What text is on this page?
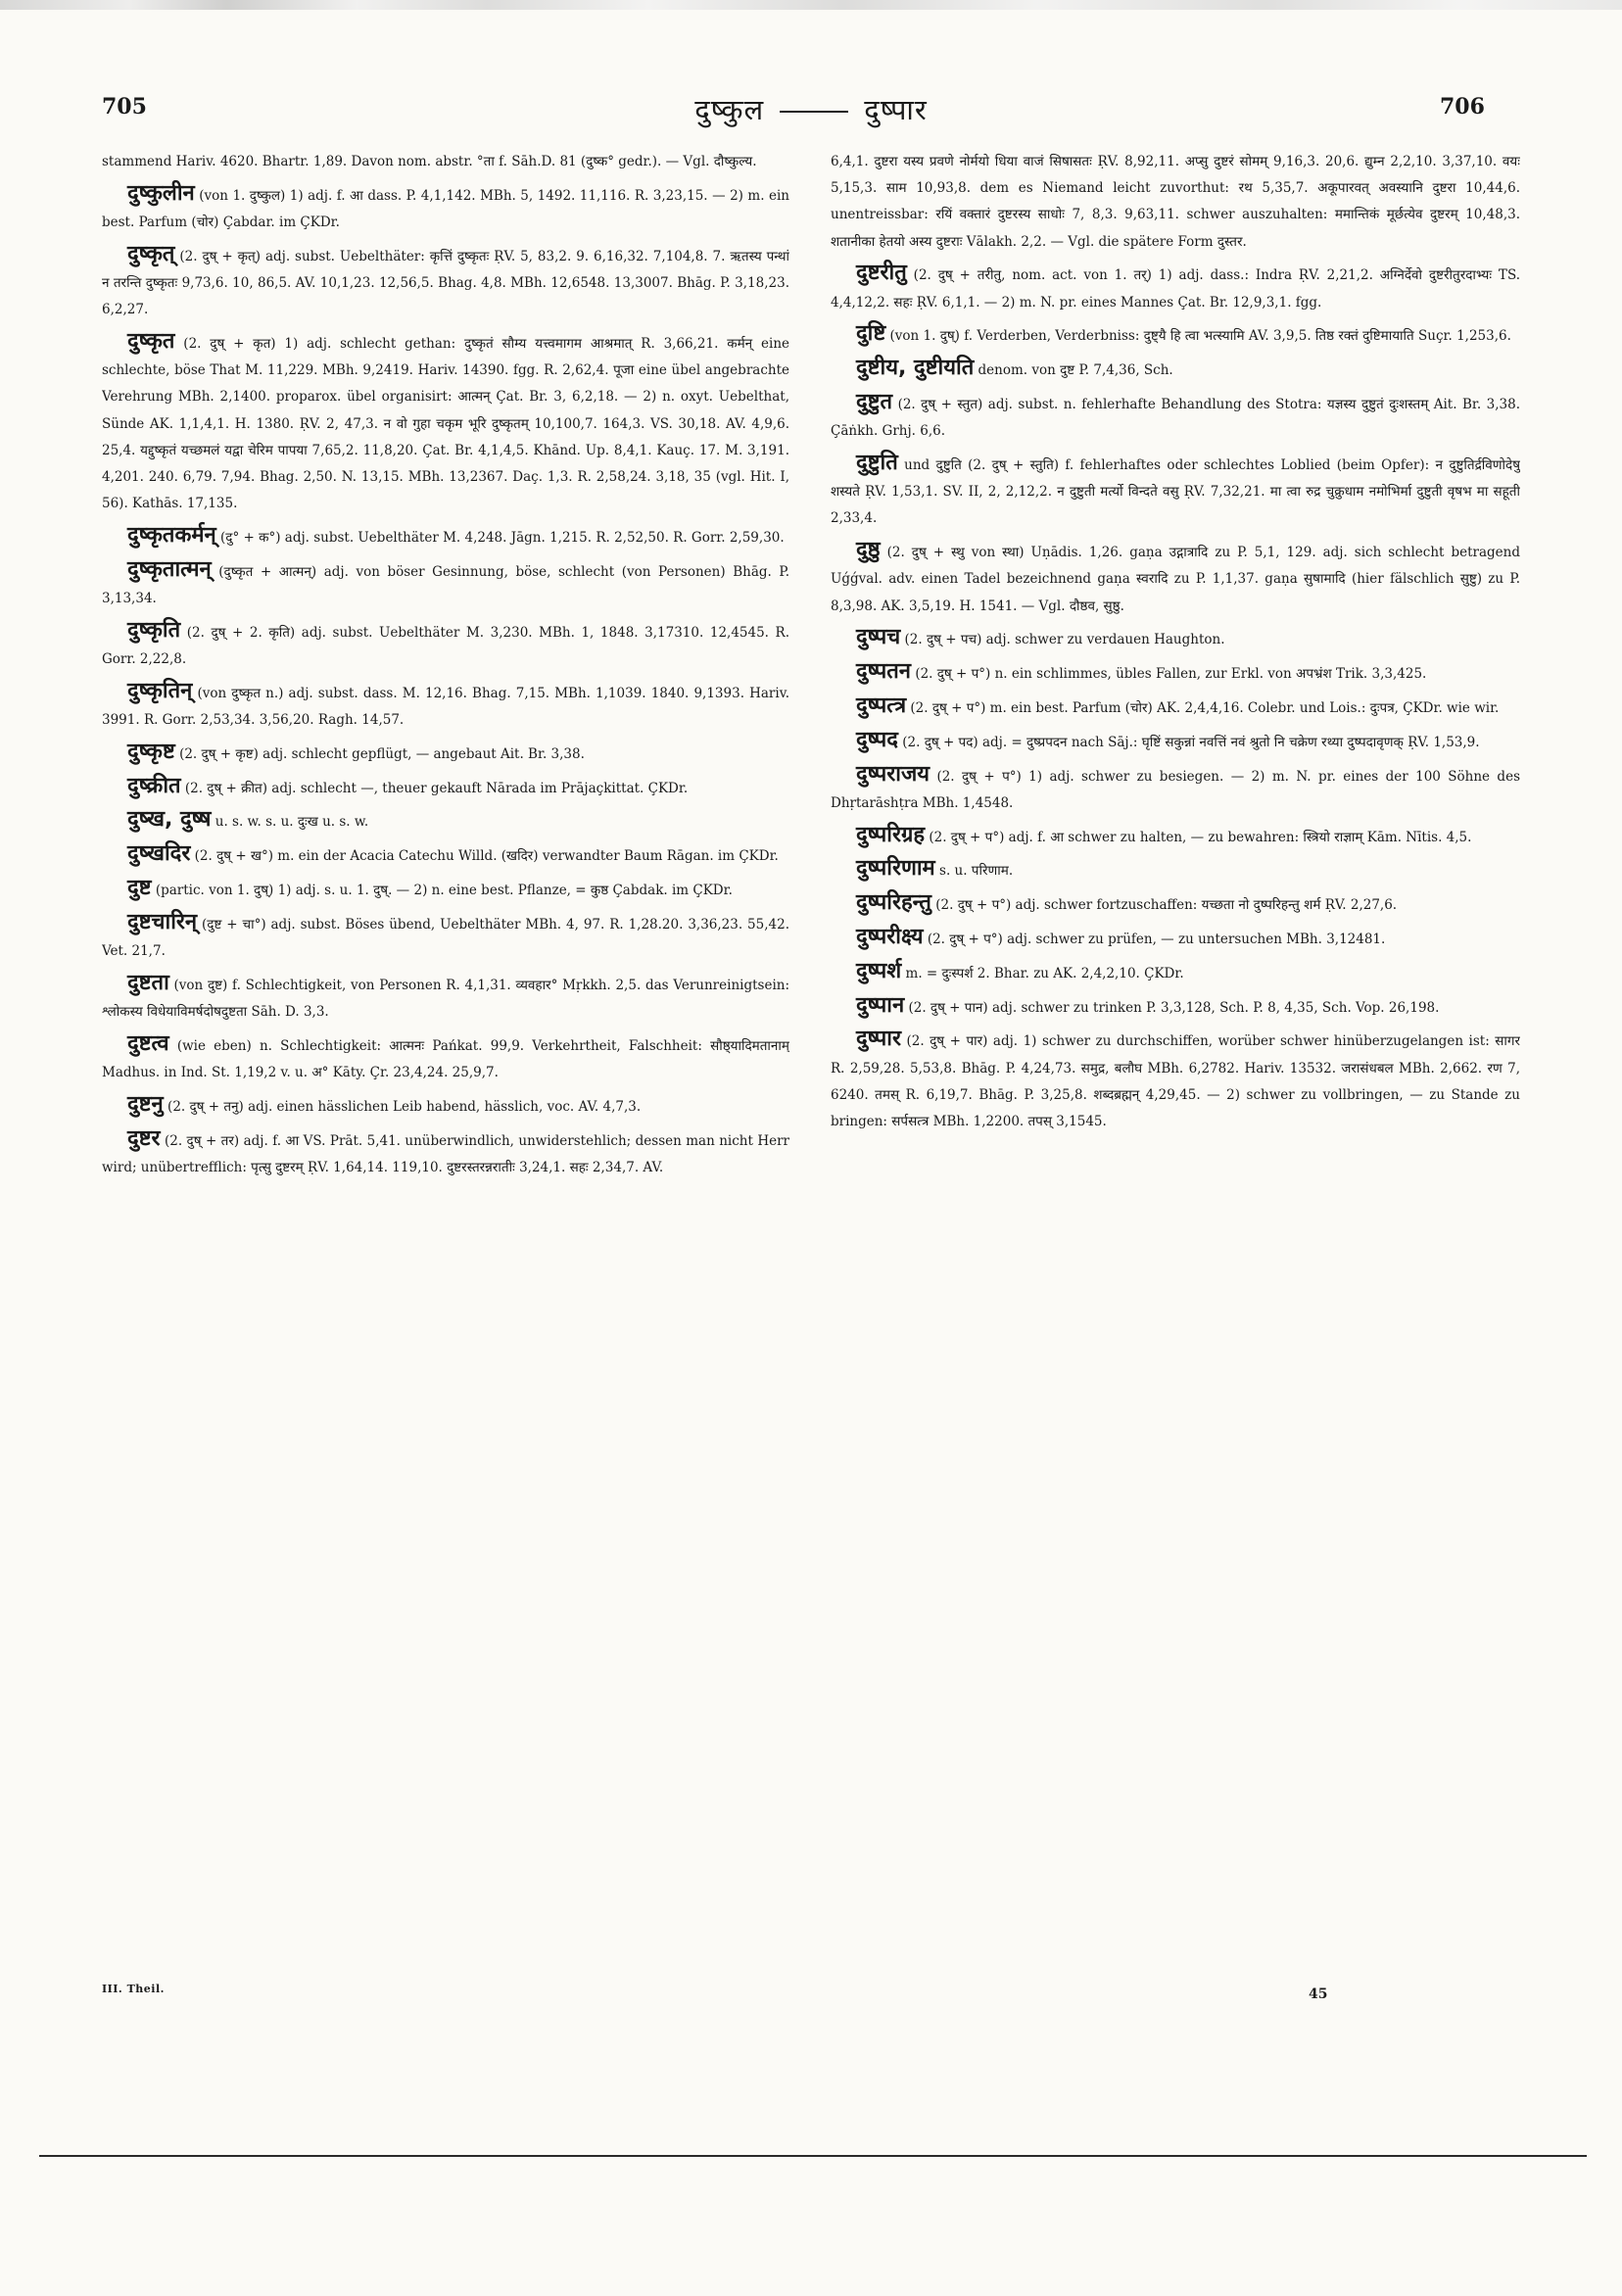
705	दुष्कुल	दुष्पार	706

stammend Hariv. 4620. Bhartr. 1,89. Davon nom. abstr. °ता f. Sāh.D. 81 (दुष्क° gedr.). — Vgl. दौष्कुल्य.

दुष्कुलीन (von 1. दुष्कुल) 1) adj. f. आ dass. P. 4,1,142. MBh. 5, 1492. 11,116. R. 3,23,15. — 2) m. ein best. Parfum (चोर) Çabdar. im ÇKDr.

दुष्कृत् (2. दुष् + कृत्) adj. subst. Uebelthäter: कृत्तिं दुष्कृतः ṚV. 5, 83,2. 9. 6,16,32. 7,104,8. 7. ऋतस्य पन्थां न तरन्ति दुष्कृतः 9,73,6. 10, 86,5. AV. 10,1,23. 12,56,5. Bhag. 4,8. MBh. 12,6548. 13,3007. Bhāg. P. 3,18,23. 6,2,27.

दुष्कृत (2. दुष् + कृत) 1) adj. schlecht gethan: दुष्कृतं सौम्य यत्त्वमागम आश्रमात् R. 3,66,21. कर्मन् eine schlechte, böse That M. 11,229. MBh. 9,2419. Hariv. 14390. fgg. R. 2,62,4. पूजा eine übel angebrachte Verehrung MBh. 2,1400. proparox. übel organisirt: आत्मन् Çat. Br. 3, 6,2,18. — 2) n. oxyt. Uebelthat, Sünde AK. 1,1,4,1. H. 1380. ṚV. 2, 47,3. न वो गुहा चकृम भूरि दुष्कृतम् 10,100,7. 164,3. VS. 30,18. AV. 4,9,6. 25,4. यद्दुष्कृतं यच्छमलं यद्वा चेरिम पापया 7,65,2. 11,8,20. Çat. Br. 4,1,4,5. Khānd. Up. 8,4,1. Kauç. 17. M. 3,191. 4,201. 240. 6,79. 7,94. Bhag. 2,50. N. 13,15. MBh. 13,2367. Daç. 1,3. R. 2,58,24. 3,18, 35 (vgl. Hit. I, 56). Kathās. 17,135.

दुष्कृतकर्मन् (दु° + क°) adj. subst. Uebelthäter M. 4,248. Jāgn. 1,215. R. 2,52,50. R. Gorr. 2,59,30.

दुष्कृतात्मन् (दुष्कृत + आत्मन्) adj. von böser Gesinnung, böse, schlecht (von Personen) Bhāg. P. 3,13,34.

दुष्कृति (2. दुष् + 2. कृति) adj. subst. Uebelthäter M. 3,230. MBh. 1, 1848. 3,17310. 12,4545. R. Gorr. 2,22,8.

दुष्कृतिन् (von दुष्कृत n.) adj. subst. dass. M. 12,16. Bhag. 7,15. MBh. 1,1039. 1840. 9,1393. Hariv. 3991. R. Gorr. 2,53,34. 3,56,20. Ragh. 14,57.

दुष्कृष्ट (2. दुष् + कृष्ट) adj. schlecht gepflügt, — angebaut Ait. Br. 3,38.

दुष्क्रीत (2. दुष् + क्रीत) adj. schlecht —, theuer gekauft Nārada im Prājaçkittat. ÇKDr.

दुष्ख, दुष्ष u. s. w. s. u. दुःख u. s. w.

दुष्खदिर (2. दुष् + ख°) m. ein der Acacia Catechu Willd. (खदिर) verwandter Baum Rāgan. im ÇKDr.

दुष्ट (partic. von 1. दुष्) 1) adj. s. u. 1. दुष्. — 2) n. eine best. Pflanze, = कुष्ठ Çabdak. im ÇKDr.

दुष्टचारिन् (दुष्ट + चा°) adj. subst. Böses übend, Uebelthäter MBh. 4, 97. R. 1,28.20. 3,36,23. 55,42. Vet. 21,7.

दुष्टता (von दुष्ट) f. Schlechtigkeit, von Personen R. 4,1,31. व्यवहार° Mṛkkh. 2,5. das Verunreinigtsein: श्लोकस्य विधेयाविमर्षदोषदुष्टता Sāh. D. 3,3.

दुष्टत्व (wie eben) n. Schlechtigkeit: आत्मनः Pańkat. 99,9. Verkehrtheit, Falschheit: सौष्ठ्यादिमतानाम् Madhus. in Ind. St. 1,19,2 v. u. अ° Kāty. Çr. 23,4,24. 25,9,7.

दुष्टनु (2. दुष् + तनु) adj. einen hässlichen Leib habend, hässlich, voc. AV. 4,7,3.

दुष्टर (2. दुष् + तर) adj. f. आ VS. Prāt. 5,41. unüberwindlich, unwiderstehlich; dessen man nicht Herr wird; unübertrefflich: पृत्सु दुष्टरम् ṚV. 1,64,14. 119,10. दुष्टरस्तरन्नरातीः 3,24,1. सहः 2,34,7. AV.

6,4,1. दुष्टरा यस्य प्रवणे नोर्मयो धिया वाजं सिषासतः ṚV. 8,92,11. अप्सु दुष्टरं सोमम् 9,16,3. 20,6. द्युम्न 2,2,10. 3,37,10. वयः 5,15,3. साम 10,93,8. dem es Niemand leicht zuvorthut: रथ 5,35,7. अकूपारवत् अवस्यानि दुष्टरा 10,44,6. unentreissbar: रयिं वक्तारं दुष्टरस्य साधोः 7, 8,3. 9,63,11. schwer auszuhalten: ममान्तिकं मूर्छत्येव दुष्टरम् 10,48,3. शतानीका हेतयो अस्य दुष्टराः Vālakh. 2,2. — Vgl. die spätere Form दुस्तर.

दुष्टरीतु (2. दुष् + तरीतु, nom. act. von 1. तर्) 1) adj. dass.: Indra ṚV. 2,21,2. अग्निर्देवो दुष्टरीतुरदाभ्यः TS. 4,4,12,2. सहः ṚV. 6,1,1. — 2) m. N. pr. eines Mannes Çat. Br. 12,9,3,1. fgg.

दुष्टि (von 1. दुष्) f. Verderben, Verderbniss: दुष्ट्यै हि त्वा भत्स्यामि AV. 3,9,5. तिष्ठ रक्तं दुष्टिमायाति Suçr. 1,253,6.

दुष्टीय, दुष्टीयति denom. von दुष्ट P. 7,4,36, Sch.

दुष्टुत (2. दुष् + स्तुत) adj. subst. n. fehlerhafte Behandlung des Stotra: यज्ञस्य दुष्टुतं दुःशस्तम् Ait. Br. 3,38. Çāṅkh. Grhj. 6,6.

दुष्टुति und दुष्टुति (2. दुष् + स्तुति) f. fehlerhaftes oder schlechtes Loblied (beim Opfer): न दुष्टुतिर्द्रविणोदेषु शस्यते ṚV. 1,53,1. SV. II, 2, 2,12,2. न दुष्टुती मर्त्यो विन्दते वसु ṚV. 7,32,21. मा त्वा रुद्र चुक्रुधाम नमोभिर्मा दुष्टुती वृषभ मा सहूती 2,33,4.

दुष्ठु (2. दुष् + स्थु von स्था) Uṇādis. 1,26. gaṇa उद्गात्रादि zu P. 5,1, 129. adj. sich schlecht betragend Uǵǵval. adv. einen Tadel bezeichnend gaṇa स्वरादि zu P. 1,1,37. gaṇa सुषामादि (hier fälschlich सुष्टु) zu P. 8,3,98. AK. 3,5,19. H. 1541. — Vgl. दौष्ठव, सुष्ठु.

दुष्पच (2. दुष् + पच) adj. schwer zu verdauen Haughton.

दुष्पतन (2. दुष् + प°) n. ein schlimmes, übles Fallen, zur Erkl. von अपभ्रंश Trik. 3,3,425.

दुष्पत्त्र (2. दुष् + प°) m. ein best. Parfum (चोर) AK. 2,4,4,16. Colebr. und Lois.: दुःपत्र, ÇKDr. wie wir.

दुष्पद (2. दुष् + पद) adj. = दुष्प्रपदन nach Sāj.: घृष्टिं सकुन्नां नवत्तिं नवं श्रुतो नि चक्रेण रथ्या दुष्पदावृणक् ṚV. 1,53,9.

दुष्पराजय (2. दुष् + प°) 1) adj. schwer zu besiegen. — 2) m. N. pr. eines der 100 Söhne des Dhṛtarāshṭra MBh. 1,4548.

दुष्परिग्रह (2. दुष् + प°) adj. f. आ schwer zu halten, — zu bewahren: स्त्रियो राज्ञाम् Kām. Nītis. 4,5.

दुष्परिणाम s. u. परिणाम.

दुष्परिहन्तु (2. दुष् + प°) adj. schwer fortzuschaffen: यच्छता नो दुष्परिहन्तु शर्म ṚV. 2,27,6.

दुष्परीक्ष्य (2. दुष् + प°) adj. schwer zu prüfen, — zu untersuchen MBh. 3,12481.

दुष्पर्श m. = दुःस्पर्श 2. Bhar. zu AK. 2,4,2,10. ÇKDr.

दुष्पान (2. दुष् + पान) adj. schwer zu trinken P. 3,3,128, Sch. P. 8, 4,35, Sch. Vop. 26,198.

दुष्पार (2. दुष् + पार) adj. 1) schwer zu durchschiffen, worüber schwer hinüberzugelangen ist: सागर R. 2,59,28. 5,53,8. Bhāg. P. 4,24,73. समुद्र, बलौघ MBh. 6,2782. Hariv. 13532. जरासंधबल MBh. 2,662. रण 7, 6240. तमस् R. 6,19,7. Bhāg. P. 3,25,8. शब्दब्रह्मन् 4,29,45. — 2) schwer zu vollbringen, — zu Stande zu bringen: सर्पसत्त्र MBh. 1,2200. तपस् 3,1545.

III. Theil.	45
